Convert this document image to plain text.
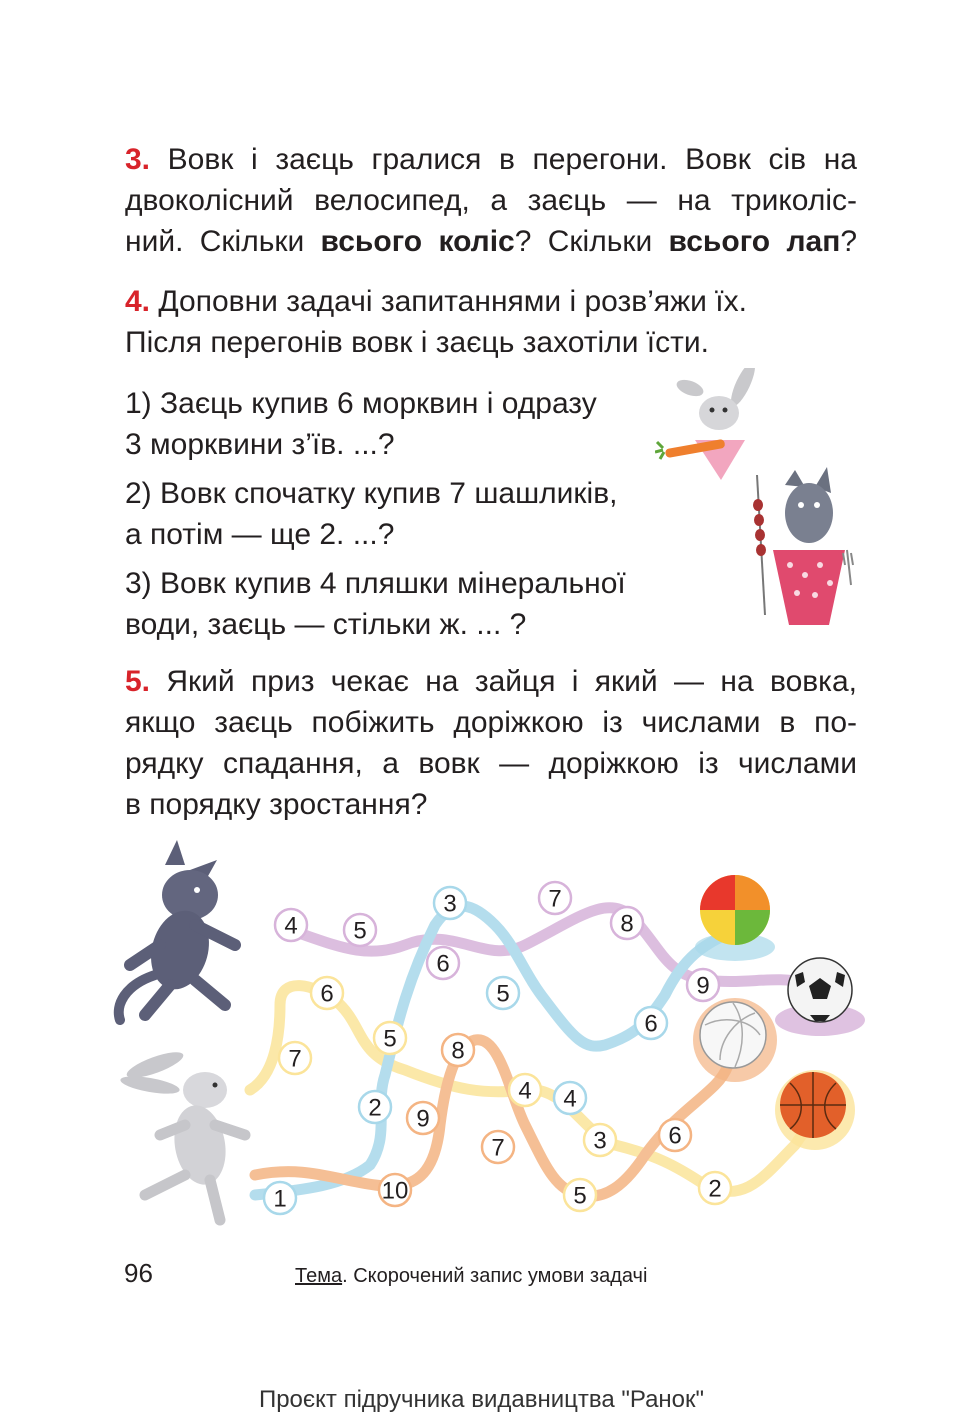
3. Вовк і заєць гралися в перегони. Вовк сів на

двоколісний велосипед, а заєць — на триколіс-

ний. Скільки всього коліс? Скільки всього лап?

4. Доповни задачі запитаннями і розв’яжи їх.

Після перегонів вовк і заєць захотіли їсти.

1) Заєць купив 6 морквин і одразу
3 морквини з’їв. ...?
2) Вовк спочатку купив 7 шашликів,
а потім — ще 2. ...?
3) Вовк купив 4 пляшки мінеральної
води, заєць — стільки ж. ... ?

5. Який приз чекає на зайця і який — на вовка,

якщо заєць побіжить доріжкою із числами в по-

рядку спадання, а вовк — доріжкою із числами

в порядку зростання?

4 5
3	7
8
6
6	5	9
6
5
7	8
4
2 9
4
7	3	6
1	10	5	2
96	Тема. Скорочений запис умови задачі
Проєкт підручника видавництва "Ранок"
